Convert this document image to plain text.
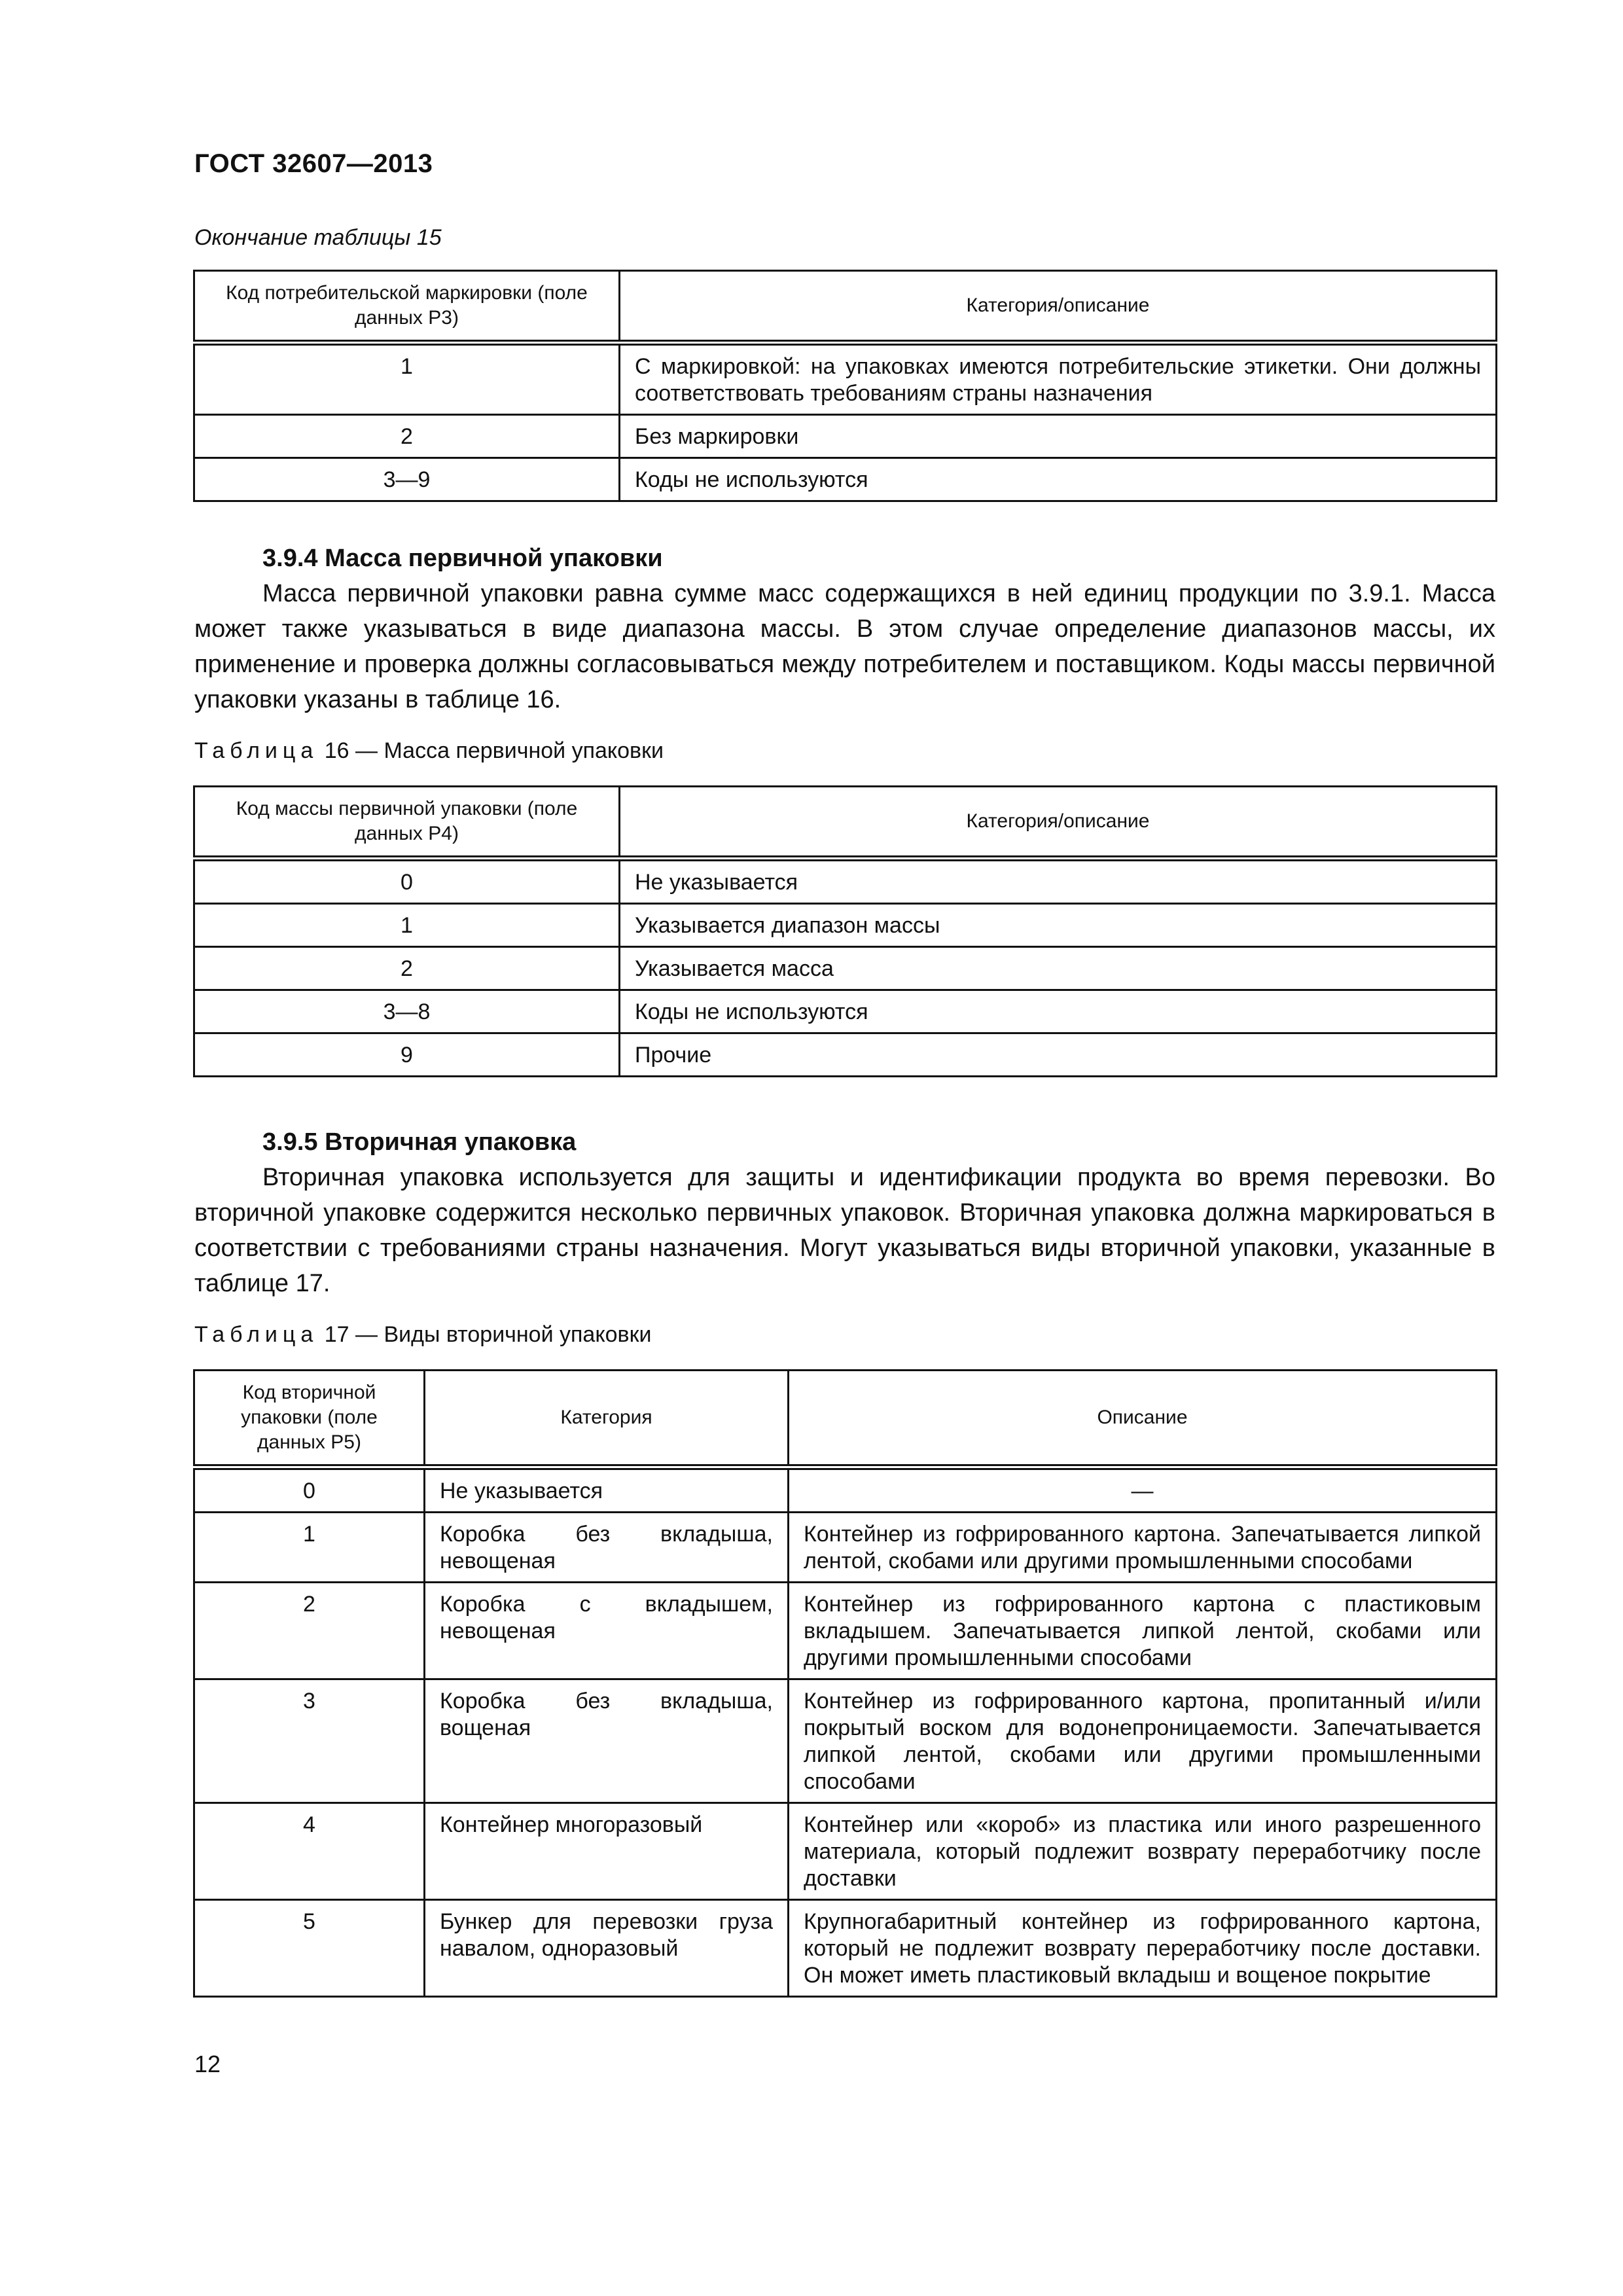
ГОСТ 32607—2013
Окончание таблицы 15
Код потребительской маркировки (поле данных Р3)	Категория/описание
1	С маркировкой: на упаковках имеются потребительские этикетки. Они должны соответствовать требованиям страны назначения
2	Без маркировки
3—9	Коды не используются
3.9.4 Масса первичной упаковки

Масса первичной упаковки равна сумме масс содержащихся в ней единиц продукции по 3.9.1. Масса может также указываться в виде диапазона массы. В этом случае определение диапазонов массы, их применение и проверка должны согласовываться между потребителем и поставщиком. Коды массы первичной упаковки указаны в таблице 16.

Таблица 16 — Масса первичной упаковки
Код массы первичной упаковки (поле данных Р4)	Категория/описание
0	Не указывается
1	Указывается диапазон массы
2	Указывается масса
3—8	Коды не используются
9	Прочие
3.9.5 Вторичная упаковка

Вторичная упаковка используется для защиты и идентификации продукта во время перевозки. Во вторичной упаковке содержится несколько первичных упаковок. Вторичная упаковка должна маркироваться в соответствии с требованиями страны назначения. Могут указываться виды вторичной упаковки, указанные в таблице 17.

Таблица 17 — Виды вторичной упаковки
Код вторичной упаковки (поле данных Р5)	Категория	Описание
0	Не указывается	—
1	Коробка без вкладыша, невощеная	Контейнер из гофрированного картона. Запечатывается липкой лентой, скобами или другими промышленными способами
2	Коробка с вкладышем, невощеная	Контейнер из гофрированного картона с пластиковым вкладышем. Запечатывается липкой лентой, скобами или другими промышленными способами
3	Коробка без вкладыша, вощеная	Контейнер из гофрированного картона, пропитанный и/или покрытый воском для водонепроницаемости. Запечатывается липкой лентой, скобами или другими промышленными способами
4	Контейнер многоразовый	Контейнер или «короб» из пластика или иного разрешенного материала, который подлежит возврату переработчику после доставки
5	Бункер для перевозки груза навалом, одноразовый	Крупногабаритный контейнер из гофрированного картона, который не подлежит возврату переработчику после доставки. Он может иметь пластиковый вкладыш и вощеное покрытие
12
